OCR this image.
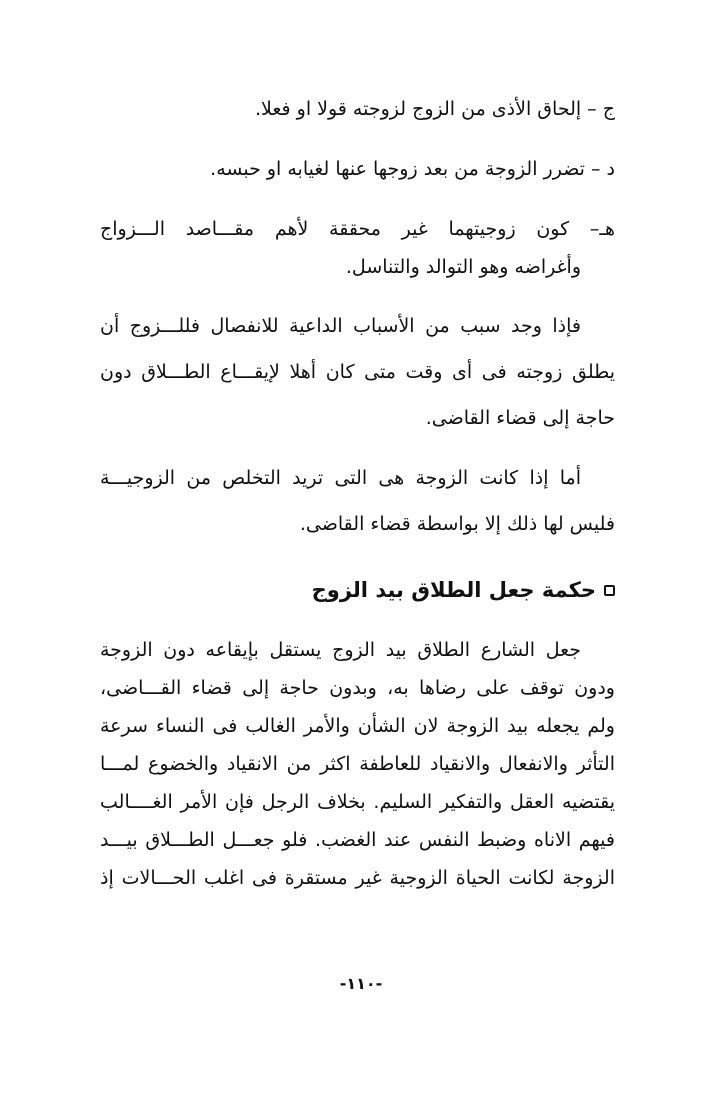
ج – إلحاق الأذى من الزوج لزوجته قولا او فعلا.
د – تضرر الزوجة من بعد زوجها عنها لغيابه او حبسه.
هـ– كون زوجيتهما غير محققة لأهم مقـــاصد الـــزواج
وأغراضه وهو التوالد والتناسل.
فإذا وجد سبب من الأسباب الداعية للانفصال فللـــزوج أن
يطلق زوجته فى أى وقت متى كان أهلا لإيقـــاع الطـــلاق دون
حاجة إلى قضاء القاضى.
أما إذا كانت الزوجة هى التى تريد التخلص من الزوجيـــة
فليس لها ذلك إلا بواسطة قضاء القاضى.
حكمة جعل الطلاق بيد الزوج
جعل الشارع الطلاق بيد الزوج يستقل بإيقاعه دون الزوجة
ودون توقف على رضاها به، وبدون حاجة إلى قضاء القـــاضى،
ولم يجعله بيد الزوجة لان الشأن والأمر الغالب فى النساء سرعة
التأثر والانفعال والانقياد للعاطفة اكثر من الانقياد والخضوع لمـــا
يقتضيه العقل والتفكير السليم. بخلاف الرجل فإن الأمر الغــــالب
فيهم الاناه وضبط النفس عند الغضب. فلو جعـــل الطـــلاق بيـــد
الزوجة لكانت الحياة الزوجية غير مستقرة فى اغلب الحـــالات إذ
-١١٠-
